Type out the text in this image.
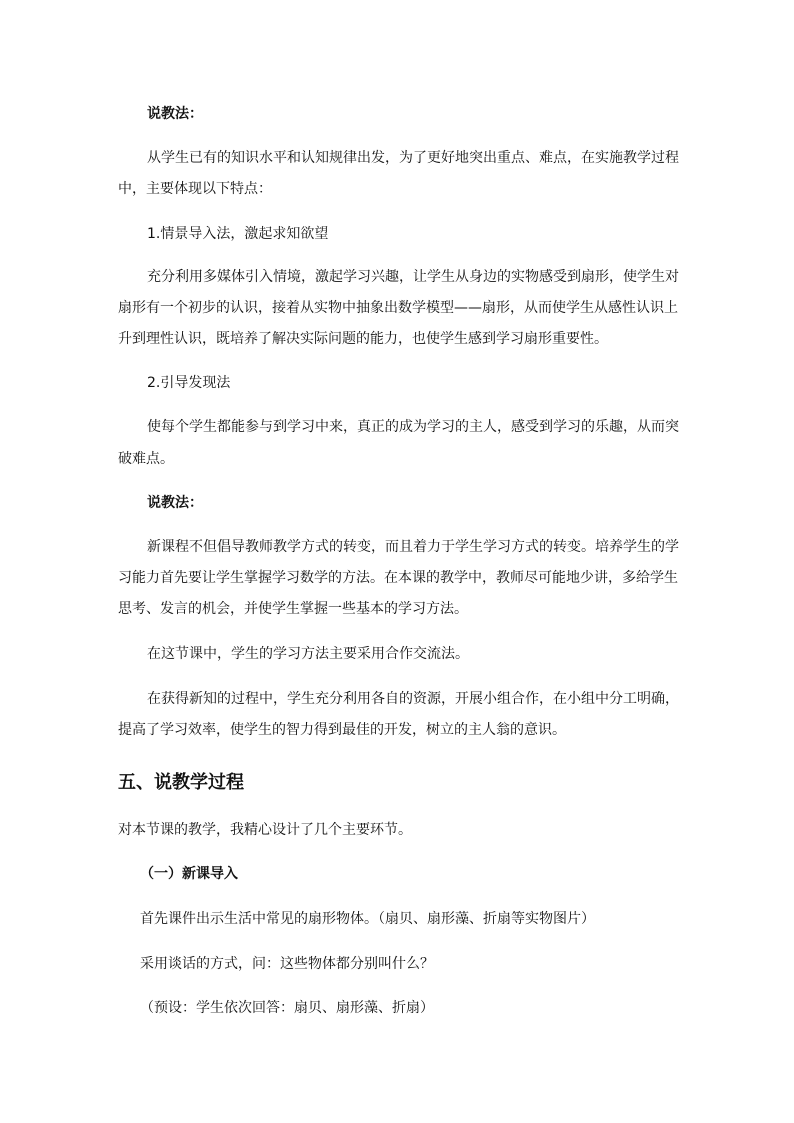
说教法：
从学生已有的知识水平和认知规律出发，为了更好地突出重点、难点，在实施教学过程
中，主要体现以下特点：
1.情景导入法，激起求知欲望
充分利用多媒体引入情境，激起学习兴趣，让学生从身边的实物感受到扇形，使学生对
扇形有一个初步的认识，接着从实物中抽象出数学模型——扇形，从而使学生从感性认识上
升到理性认识，既培养了解决实际问题的能力，也使学生感到学习扇形重要性。
2.引导发现法
使每个学生都能参与到学习中来，真正的成为学习的主人，感受到学习的乐趣，从而突
破难点。
说教法：
新课程不但倡导教师教学方式的转变，而且着力于学生学习方式的转变。培养学生的学
习能力首先要让学生掌握学习数学的方法。在本课的教学中，教师尽可能地少讲，多给学生
思考、发言的机会，并使学生掌握一些基本的学习方法。
在这节课中，学生的学习方法主要采用合作交流法。
在获得新知的过程中，学生充分利用各自的资源，开展小组合作，在小组中分工明确，
提高了学习效率，使学生的智力得到最佳的开发，树立的主人翁的意识。
五、说教学过程
对本节课的教学，我精心设计了几个主要环节。
（一）新课导入
首先课件出示生活中常见的扇形物体。（扇贝、扇形藻、折扇等实物图片）
采用谈话的方式，问：这些物体都分别叫什么？
（预设：学生依次回答：扇贝、扇形藻、折扇）
